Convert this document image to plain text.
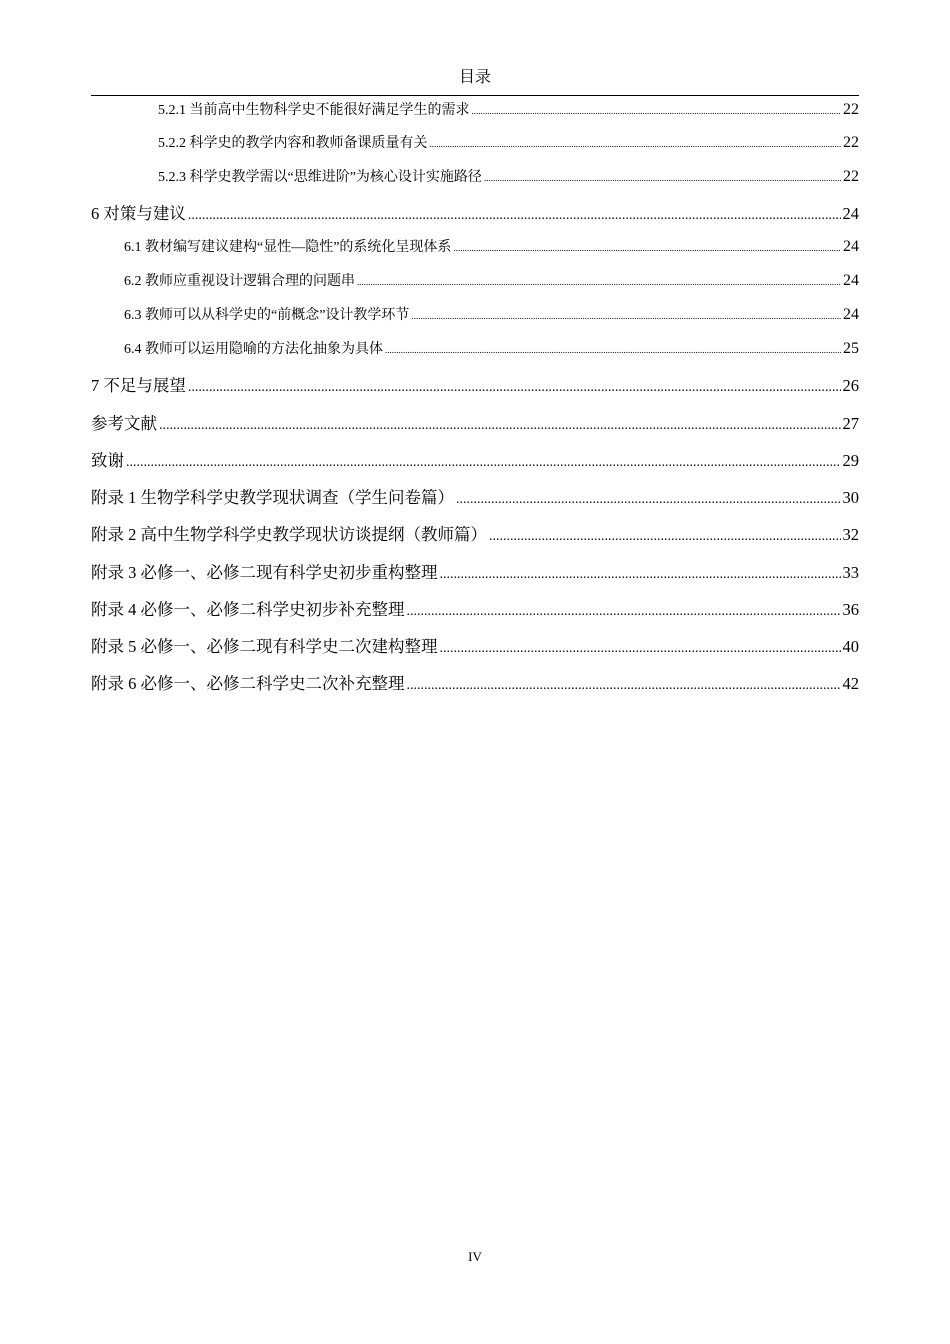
目录
5.2.1 当前高中生物科学史不能很好满足学生的需求 .....	22
5.2.2 科学史的教学内容和教师备课质量有关 .....	22
5.2.3 科学史教学需以“思维进阶”为核心设计实施路径 .....	22
6 对策与建议 .....	24
6.1 教材编写建议建构“显性—隐性”的系统化呈现体系 .....	24
6.2 教师应重视设计逻辑合理的问题串 .....	24
6.3 教师可以从科学史的“前概念”设计教学环节 .....	24
6.4 教师可以运用隐喻的方法化抽象为具体 .....	25
7 不足与展望 .....	26
参考文献 .....	27
致谢 .....	29
附录 1 生物学科学史教学现状调查（学生问卷篇） .....	30
附录 2 高中生物学科学史教学现状访谈提纲（教师篇） .....	32
附录 3 必修一、必修二现有科学史初步重构整理 .....	33
附录 4 必修一、必修二科学史初步补充整理 .....	36
附录 5 必修一、必修二现有科学史二次建构整理 .....	40
附录 6 必修一、必修二科学史二次补充整理 .....	42
IV
